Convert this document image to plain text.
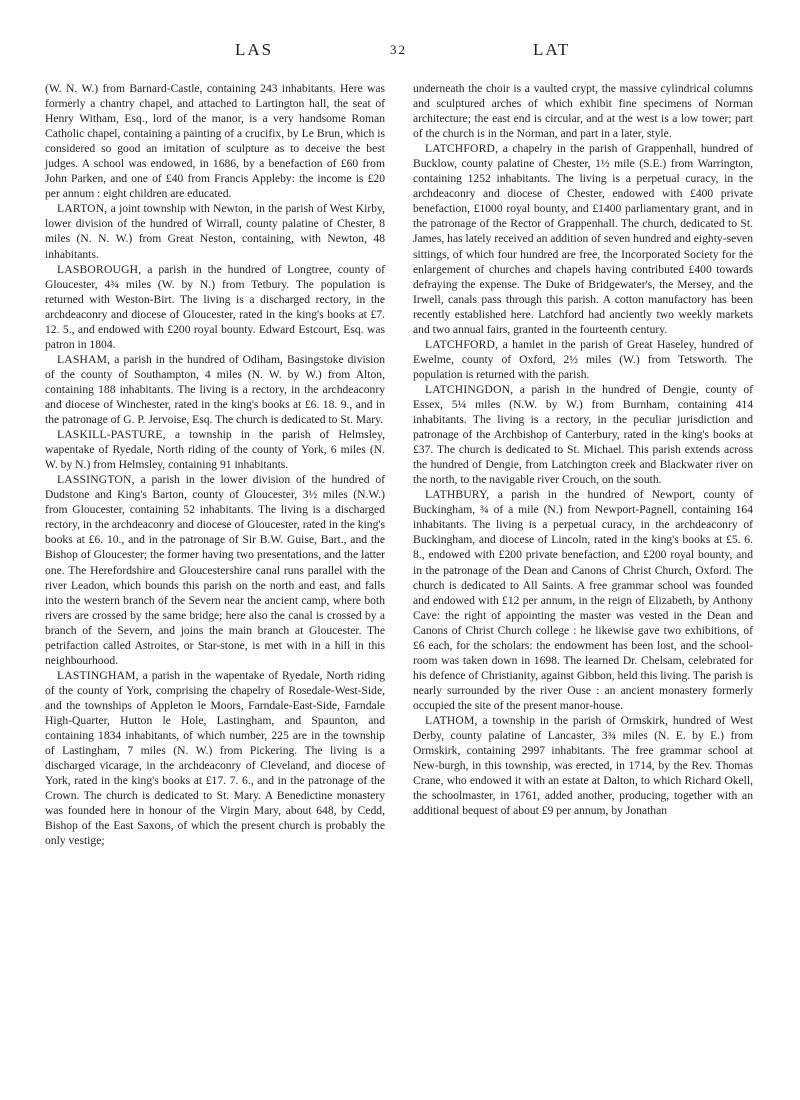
LAS	32	LAT

(W. N. W.) from Barnard-Castle, containing 243 inhabitants. Here was formerly a chantry chapel, and attached to Lartington hall, the seat of Henry Witham, Esq., lord of the manor, is a very handsome Roman Catholic chapel, containing a painting of a crucifix, by Le Brun, which is considered so good an imitation of sculpture as to deceive the best judges. A school was endowed, in 1686, by a benefaction of £60 from John Parken, and one of £40 from Francis Appleby: the income is £20 per annum : eight children are educated.

LARTON, a joint township with Newton, in the parish of West Kirby, lower division of the hundred of Wirrall, county palatine of Chester, 8 miles (N. N. W.) from Great Neston, containing, with Newton, 48 inhabitants.

LASBOROUGH, a parish in the hundred of Longtree, county of Gloucester, 4¾ miles (W. by N.) from Tetbury. The population is returned with Weston-Birt. The living is a discharged rectory, in the archdeaconry and diocese of Gloucester, rated in the king's books at £7. 12. 5., and endowed with £200 royal bounty. Edward Estcourt, Esq. was patron in 1804.

LASHAM, a parish in the hundred of Odiham, Basingstoke division of the county of Southampton, 4 miles (N. W. by W.) from Alton, containing 188 inhabitants. The living is a rectory, in the archdeaconry and diocese of Winchester, rated in the king's books at £6. 18. 9., and in the patronage of G. P. Jervoise, Esq. The church is dedicated to St. Mary.

LASKILL-PASTURE, a township in the parish of Helmsley, wapentake of Ryedale, North riding of the county of York, 6 miles (N. W. by N.) from Helmsley, containing 91 inhabitants.

LASSINGTON, a parish in the lower division of the hundred of Dudstone and King's Barton, county of Gloucester, 3½ miles (N.W.) from Gloucester, containing 52 inhabitants. The living is a discharged rectory, in the archdeaconry and diocese of Gloucester, rated in the king's books at £6. 10., and in the patronage of Sir B.W. Guise, Bart., and the Bishop of Gloucester; the former having two presentations, and the latter one. The Herefordshire and Gloucestershire canal runs parallel with the river Leadon, which bounds this parish on the north and east, and falls into the western branch of the Severn near the ancient camp, where both rivers are crossed by the same bridge; here also the canal is crossed by a branch of the Severn, and joins the main branch at Gloucester. The petrifaction called Astroites, or Star-stone, is met with in a hill in this neighbourhood.

LASTINGHAM, a parish in the wapentake of Ryedale, North riding of the county of York, comprising the chapelry of Rosedale-West-Side, and the townships of Appleton le Moors, Farndale-East-Side, Farndale High-Quarter, Hutton le Hole, Lastingham, and Spaunton, and containing 1834 inhabitants, of which number, 225 are in the township of Lastingham, 7 miles (N. W.) from Pickering. The living is a discharged vicarage, in the archdeaconry of Cleveland, and diocese of York, rated in the king's books at £17. 7. 6., and in the patronage of the Crown. The church is dedicated to St. Mary. A Benedictine monastery was founded here in honour of the Virgin Mary, about 648, by Cedd, Bishop of the East Saxons, of which the present church is probably the only vestige;

underneath the choir is a vaulted crypt, the massive cylindrical columns and sculptured arches of which exhibit fine specimens of Norman architecture; the east end is circular, and at the west is a low tower; part of the church is in the Norman, and part in a later, style.

LATCHFORD, a chapelry in the parish of Grappenhall, hundred of Bucklow, county palatine of Chester, 1½ mile (S.E.) from Warrington, containing 1252 inhabitants. The living is a perpetual curacy, in the archdeaconry and diocese of Chester, endowed with £400 private benefaction, £1000 royal bounty, and £1400 parliamentary grant, and in the patronage of the Rector of Grappenhall. The church, dedicated to St. James, has lately received an addition of seven hundred and eighty-seven sittings, of which four hundred are free, the Incorporated Society for the enlargement of churches and chapels having contributed £400 towards defraying the expense. The Duke of Bridgewater's, the Mersey, and the Irwell, canals pass through this parish. A cotton manufactory has been recently established here. Latchford had anciently two weekly markets and two annual fairs, granted in the fourteenth century.

LATCHFORD, a hamlet in the parish of Great Haseley, hundred of Ewelme, county of Oxford, 2½ miles (W.) from Tetsworth. The population is returned with the parish.

LATCHINGDON, a parish in the hundred of Dengie, county of Essex, 5¼ miles (N.W. by W.) from Burnham, containing 414 inhabitants. The living is a rectory, in the peculiar jurisdiction and patronage of the Archbishop of Canterbury, rated in the king's books at £37. The church is dedicated to St. Michael. This parish extends across the hundred of Dengie, from Latchington creek and Blackwater river on the north, to the navigable river Crouch, on the south.

LATHBURY, a parish in the hundred of Newport, county of Buckingham, ¾ of a mile (N.) from Newport-Pagnell, containing 164 inhabitants. The living is a perpetual curacy, in the archdeaconry of Buckingham, and diocese of Lincoln, rated in the king's books at £5. 6. 8., endowed with £200 private benefaction, and £200 royal bounty, and in the patronage of the Dean and Canons of Christ Church, Oxford. The church is dedicated to All Saints. A free grammar school was founded and endowed with £12 per annum, in the reign of Elizabeth, by Anthony Cave: the right of appointing the master was vested in the Dean and Canons of Christ Church college : he likewise gave two exhibitions, of £6 each, for the scholars: the endowment has been lost, and the school-room was taken down in 1698. The learned Dr. Chelsam, celebrated for his defence of Christianity, against Gibbon, held this living. The parish is nearly surrounded by the river Ouse : an ancient monastery formerly occupied the site of the present manor-house.

LATHOM, a township in the parish of Ormskirk, hundred of West Derby, county palatine of Lancaster, 3¾ miles (N. E. by E.) from Ormskirk, containing 2997 inhabitants. The free grammar school at New-burgh, in this township, was erected, in 1714, by the Rev. Thomas Crane, who endowed it with an estate at Dalton, to which Richard Okell, the schoolmaster, in 1761, added another, producing, together with an additional bequest of about £9 per annum, by Jonathan
